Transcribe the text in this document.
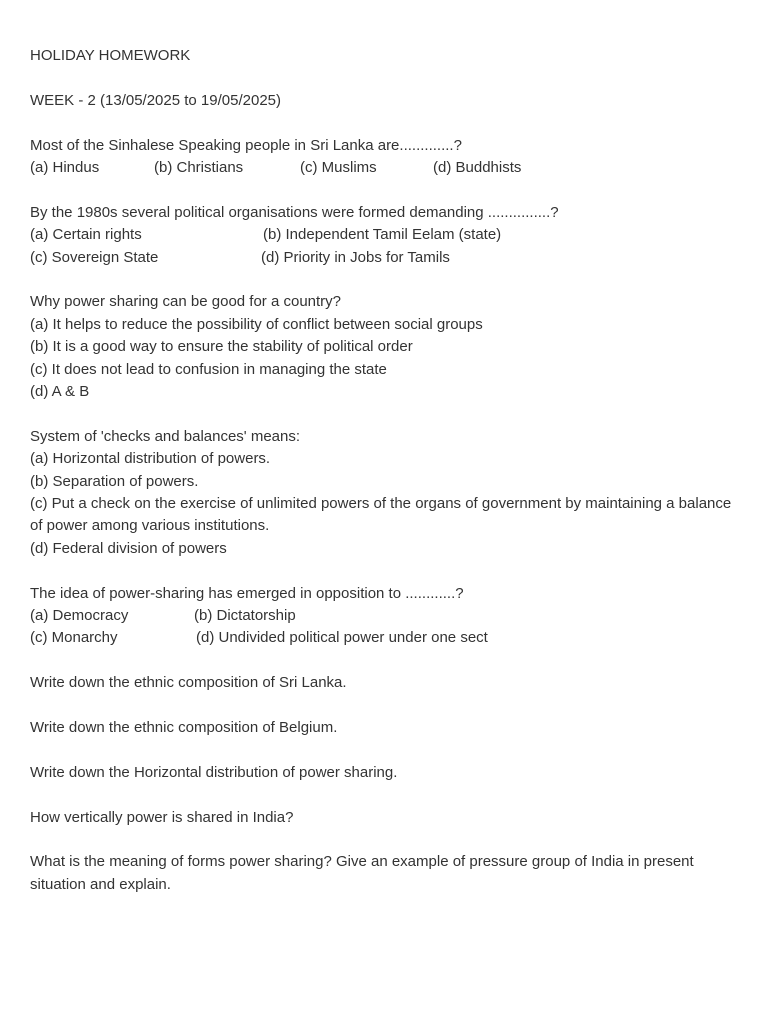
HOLIDAY HOMEWORK
WEEK - 2 (13/05/2025 to 19/05/2025)
Most of the Sinhalese Speaking people in Sri Lanka are.............?

(a) Hindus

	(b) Christians

	(c) Muslims

	(d) Buddhists

By the 1980s several political organisations were formed demanding ...............?

(a) Certain rights

	(b) Independent Tamil Eelam (state)

(c) Sovereign State

	(d) Priority in Jobs for Tamils

Why power sharing can be good for a country?
(a) It helps to reduce the possibility of conflict between social groups
(b) It is a good way to ensure the stability of political order
(c) It does not lead to confusion in managing the state
(d) A & B
System of 'checks and balances' means:
(a) Horizontal distribution of powers.
(b) Separation of powers.
(c) Put a check on the exercise of unlimited powers of the organs of government by maintaining a balance of power among various institutions.
(d) Federal division of powers
The idea of power-sharing has emerged in opposition to ............?

(a) Democracy

	(b) Dictatorship

(c) Monarchy

	(d) Undivided political power under one sect

Write down the ethnic composition of Sri Lanka.
Write down the ethnic composition of Belgium.
Write down the Horizontal distribution of power sharing.
How vertically power is shared in India?
What is the meaning of forms power sharing? Give an example of pressure group of India in present situation and explain.
